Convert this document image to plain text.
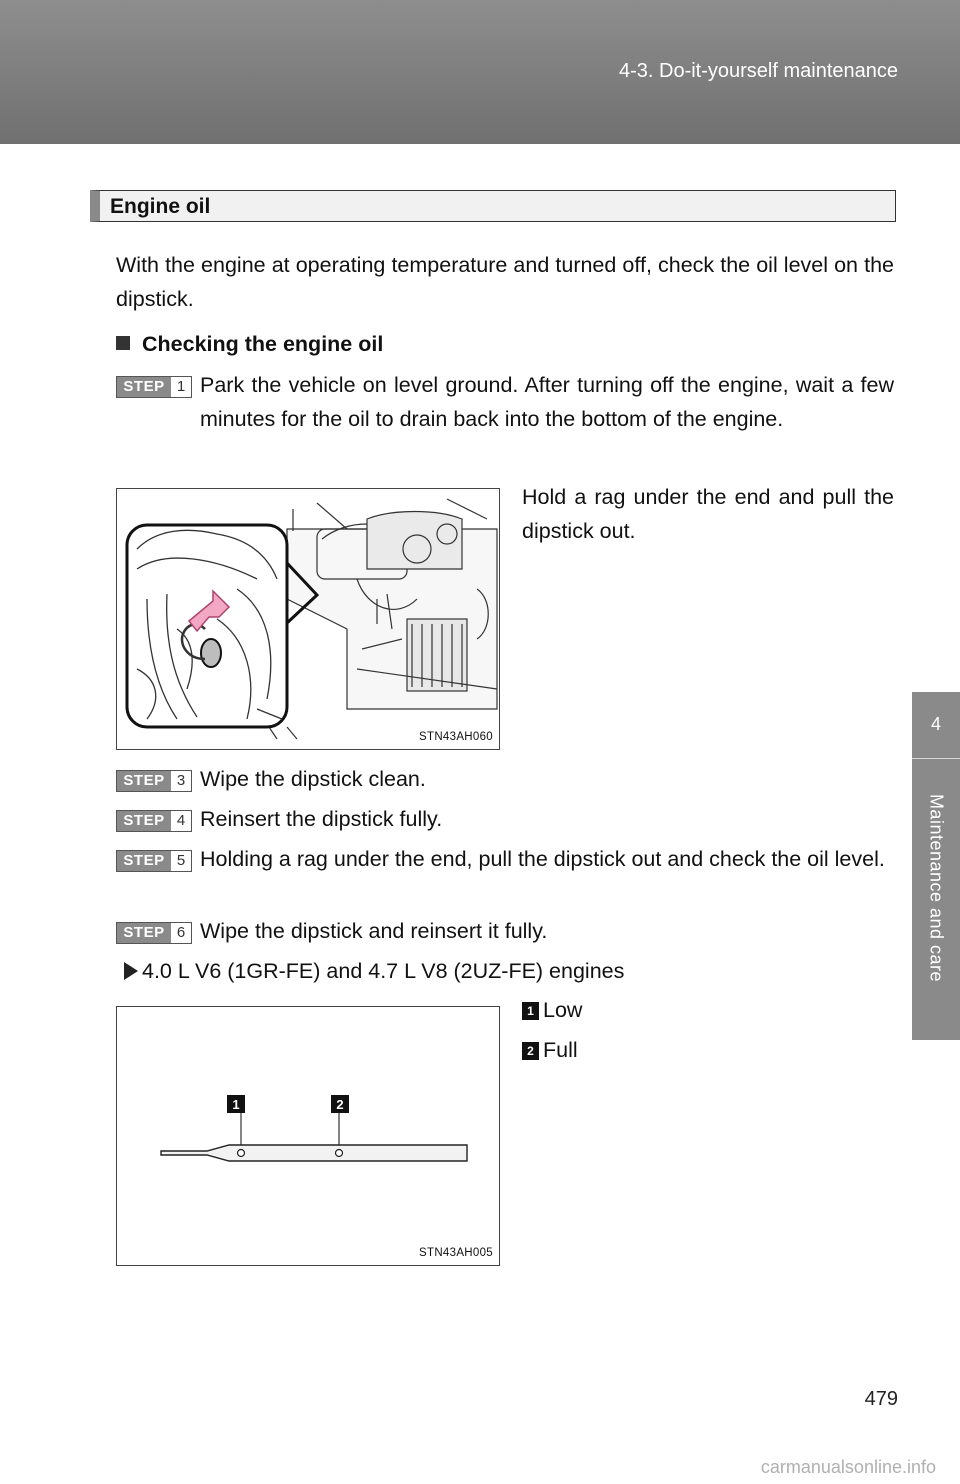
4-3. Do-it-yourself maintenance
4
Maintenance and care
Engine oil
With the engine at operating temperature and turned off, check the oil level on the dipstick.
Checking the engine oil
STEP 1 Park the vehicle on level ground. After turning off the engine, wait a few minutes for the oil to drain back into the bottom of the engine.
Hold a rag under the end and pull the dipstick out.
STN43AH060
STEP 3 Wipe the dipstick clean.
STEP 4 Reinsert the dipstick fully.
STEP 5 Holding a rag under the end, pull the dipstick out and check the oil level.
STEP 6 Wipe the dipstick and reinsert it fully.
4.0 L V6 (1GR-FE) and 4.7 L V8 (2UZ-FE) engines
1	2
STN43AH005
1 Low
2 Full
479
carmanualsonline.info
